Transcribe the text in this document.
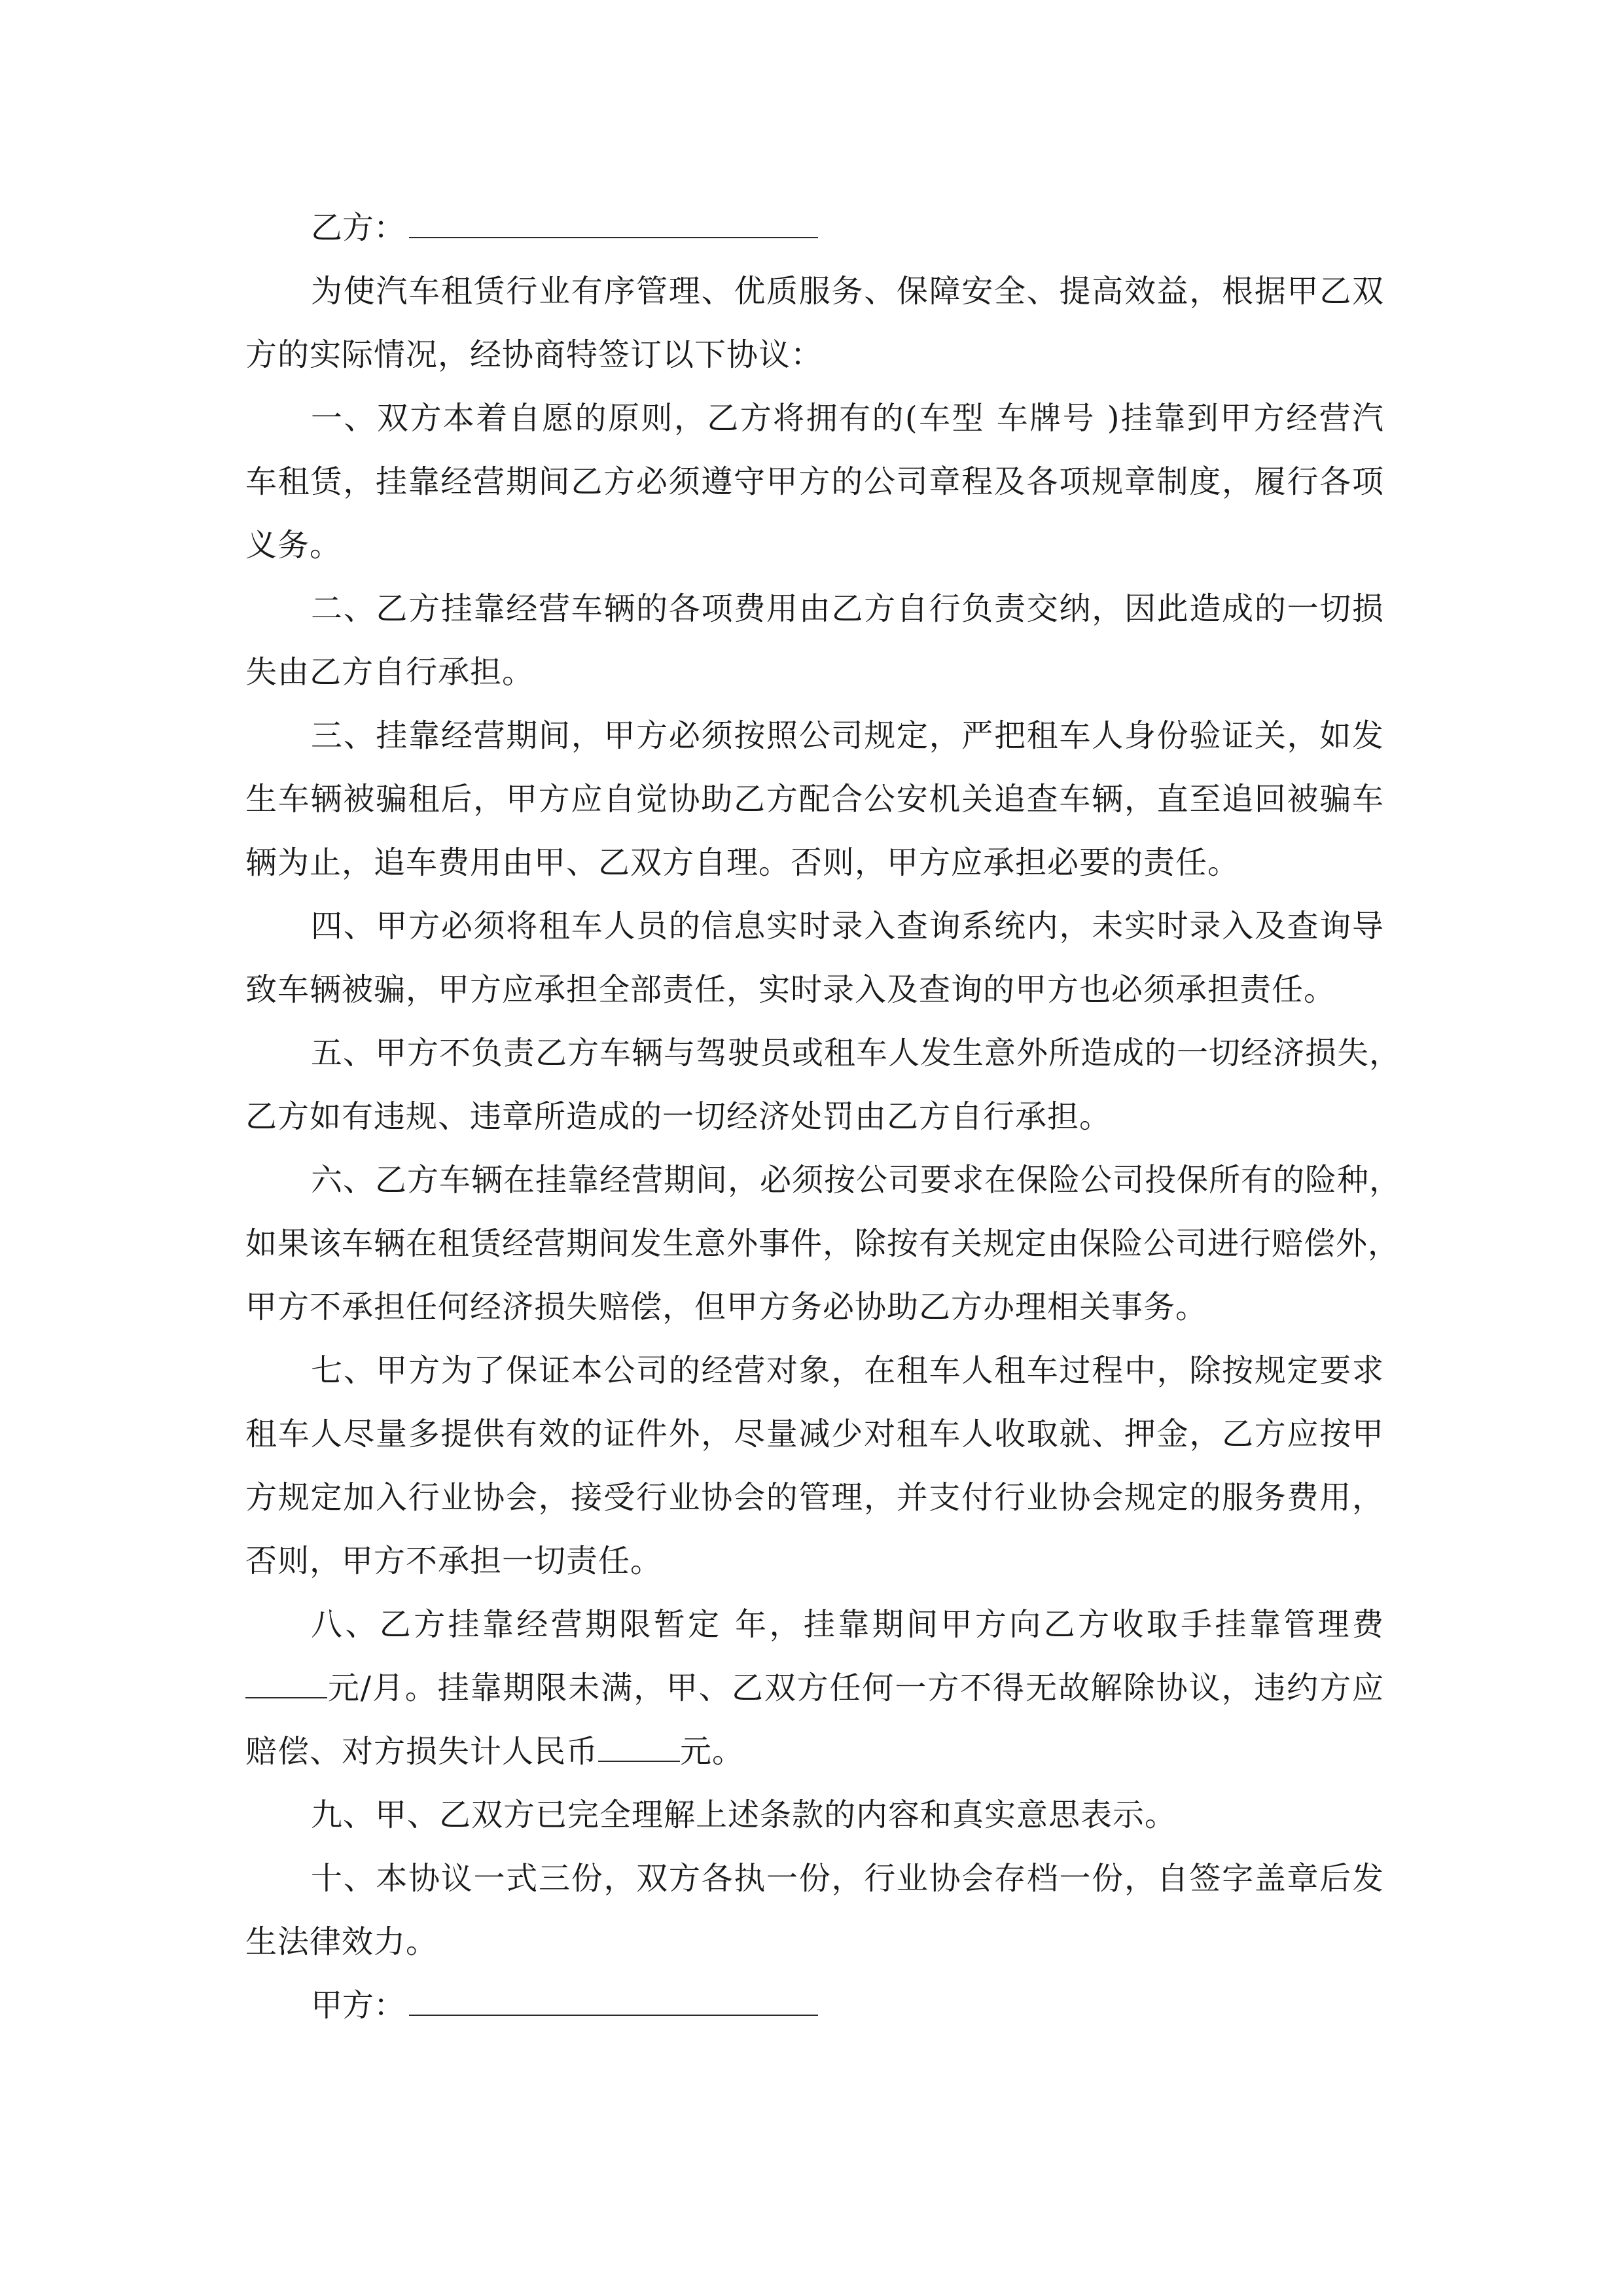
乙方：
为使汽车租赁行业有序管理、优质服务、保障安全、提高效益，根据甲乙双
方的实际情况，经协商特签订以下协议：
一、双方本着自愿的原则，乙方将拥有的(车型 车牌号 )挂靠到甲方经营汽
车租赁，挂靠经营期间乙方必须遵守甲方的公司章程及各项规章制度，履行各项
义务。
二、乙方挂靠经营车辆的各项费用由乙方自行负责交纳，因此造成的一切损
失由乙方自行承担。
三、挂靠经营期间，甲方必须按照公司规定，严把租车人身份验证关，如发
生车辆被骗租后，甲方应自觉协助乙方配合公安机关追查车辆，直至追回被骗车
辆为止，追车费用由甲、乙双方自理。否则，甲方应承担必要的责任。
四、甲方必须将租车人员的信息实时录入查询系统内，未实时录入及查询导
致车辆被骗，甲方应承担全部责任，实时录入及查询的甲方也必须承担责任。
五、甲方不负责乙方车辆与驾驶员或租车人发生意外所造成的一切经济损失，
乙方如有违规、违章所造成的一切经济处罚由乙方自行承担。
六、乙方车辆在挂靠经营期间，必须按公司要求在保险公司投保所有的险种，
如果该车辆在租赁经营期间发生意外事件，除按有关规定由保险公司进行赔偿外，
甲方不承担任何经济损失赔偿，但甲方务必协助乙方办理相关事务。
七、甲方为了保证本公司的经营对象，在租车人租车过程中，除按规定要求
租车人尽量多提供有效的证件外，尽量减少对租车人收取就、押金，乙方应按甲
方规定加入行业协会，接受行业协会的管理，并支付行业协会规定的服务费用，
否则，甲方不承担一切责任。
八、乙方挂靠经营期限暂定 年，挂靠期间甲方向乙方收取手挂靠管理费
元/月。挂靠期限未满，甲、乙双方任何一方不得无故解除协议，违约方应
赔偿、对方损失计人民币	元。
九、甲、乙双方已完全理解上述条款的内容和真实意思表示。
十、本协议一式三份，双方各执一份，行业协会存档一份，自签字盖章后发
生法律效力。
甲方：
